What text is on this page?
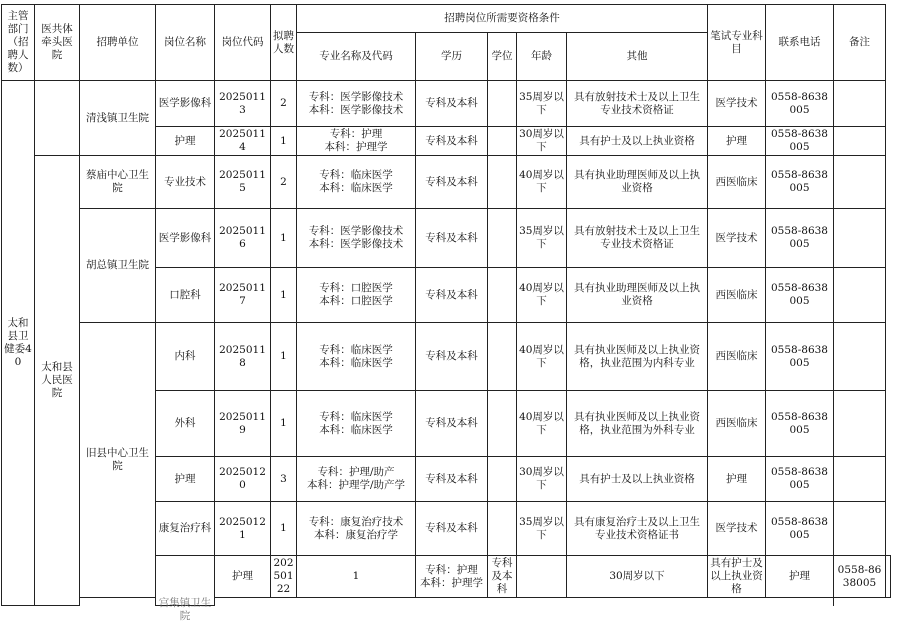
主管部门（招聘人数）	医共体牵头医院	招聘单位	岗位名称	岗位代码	拟聘人数	招聘岗位所需要资格条件					笔试专业科目	联系电话	备注	
						专业名称及代码	学历	学位	年龄	其他				
太和县卫健委40		清浅镇卫生院	医学影像科	20250113	2	专科：医学影像技术
本科：医学影像技术	专科及本科		35周岁以下	具有放射技术士及以上卫生专业技术资格证	医学技术	0558-8638005		
			护理	20250114	1	专科：护理
本科：护理学	专科及本科		30周岁以下	具有护士及以上执业资格	护理	0558-8638005		
	太和县人民医院	蔡庙中心卫生院	专业技术	20250115	2	专科：临床医学
本科：临床医学	专科及本科		40周岁以下	具有执业助理医师及以上执业资格	西医临床	0558-8638005		
		胡总镇卫生院	医学影像科	20250116	1	专科：医学影像技术
本科：医学影像技术	专科及本科		35周岁以下	具有放射技术士及以上卫生专业技术资格证	医学技术	0558-8638005		
			口腔科	20250117	1	专科：口腔医学
本科：口腔医学	专科及本科		40周岁以下	具有执业助理医师及以上执业资格	西医临床	0558-8638005		
		旧县中心卫生院	内科	20250118	1	专科：临床医学
本科：临床医学	专科及本科		40周岁以下	具有执业医师及以上执业资格，执业范围为内科专业	西医临床	0558-8638005		
			外科	20250119	1	专科：临床医学
本科：临床医学	专科及本科		40周岁以下	具有执业医师及以上执业资格，执业范围为外科专业	西医临床	0558-8638005		
			护理	20250120	3	专科：护理/助产
本科：护理学/助产学	专科及本科		30周岁以下	具有护士及以上执业资格	护理	0558-8638005		
			康复治疗科	20250121	1	专科：康复治疗技术
本科：康复治疗学	专科及本科		35周岁以下	具有康复治疗士及以上卫生专业技术资格证书	医学技术	0558-8638005		

			宫集镇卫生院	护理	20250122	1	专科：护理
本科：护理学	专科及本科		30周岁以下	具有护士及以上执业资格	护理	0558-8638005	
